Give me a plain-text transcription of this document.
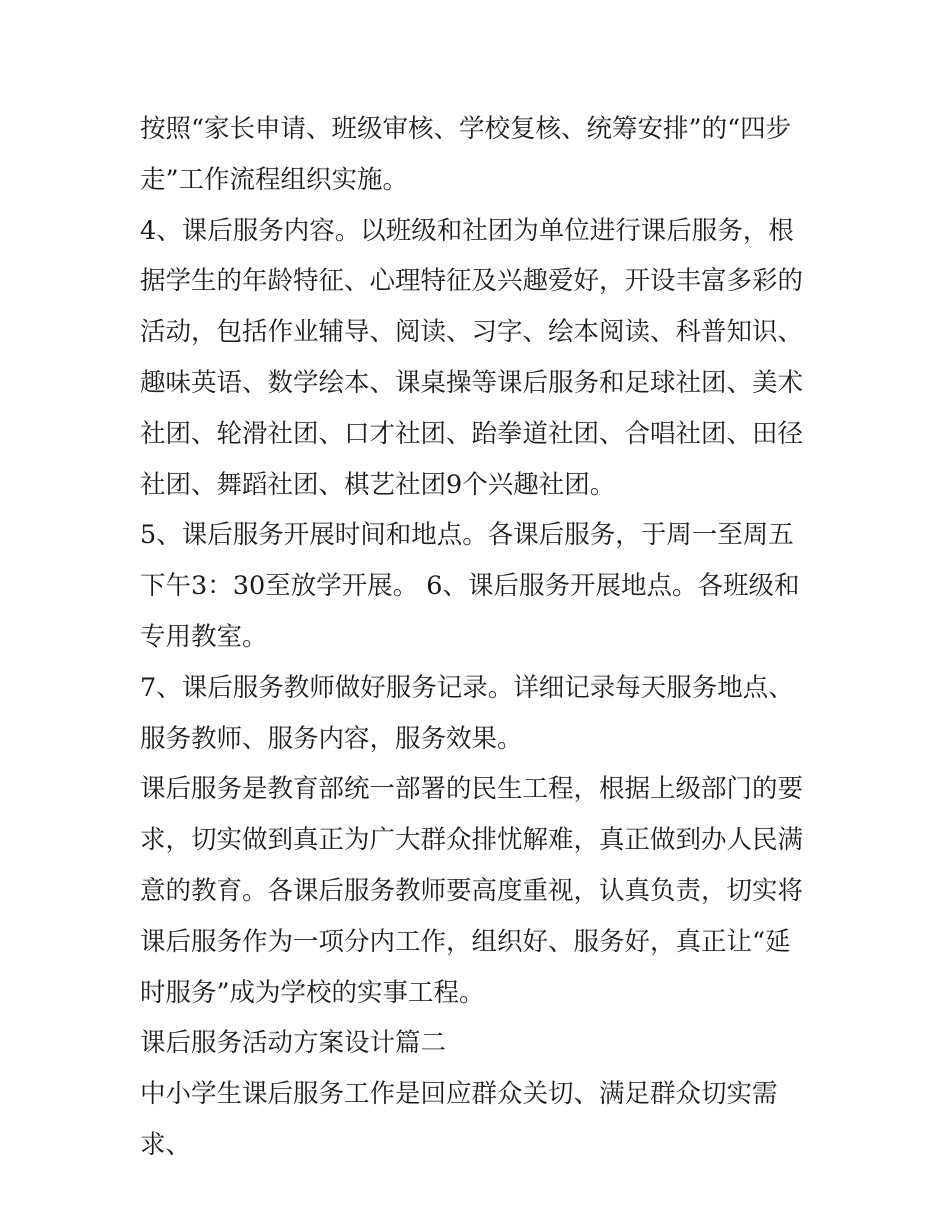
按照“家长申请、班级审核、学校复核、统筹安排”的“四步走”工作流程组织实施。

4、课后服务内容。以班级和社团为单位进行课后服务，根据学生的年龄特征、心理特征及兴趣爱好，开设丰富多彩的活动，包括作业辅导、阅读、习字、绘本阅读、科普知识、趣味英语、数学绘本、课桌操等课后服务和足球社团、美术社团、轮滑社团、口才社团、跆拳道社团、合唱社团、田径社团、舞蹈社团、棋艺社团9个兴趣社团。

5、课后服务开展时间和地点。各课后服务，于周一至周五下午3：30至放学开展。 6、课后服务开展地点。各班级和专用教室。

7、课后服务教师做好服务记录。详细记录每天服务地点、服务教师、服务内容，服务效果。

课后服务是教育部统一部署的民生工程，根据上级部门的要求，切实做到真正为广大群众排忧解难，真正做到办人民满意的教育。各课后服务教师要高度重视，认真负责，切实将课后服务作为一项分内工作，组织好、服务好，真正让“延时服务”成为学校的实事工程。

课后服务活动方案设计篇二

中小学生课后服务工作是回应群众关切、满足群众切实需求、
